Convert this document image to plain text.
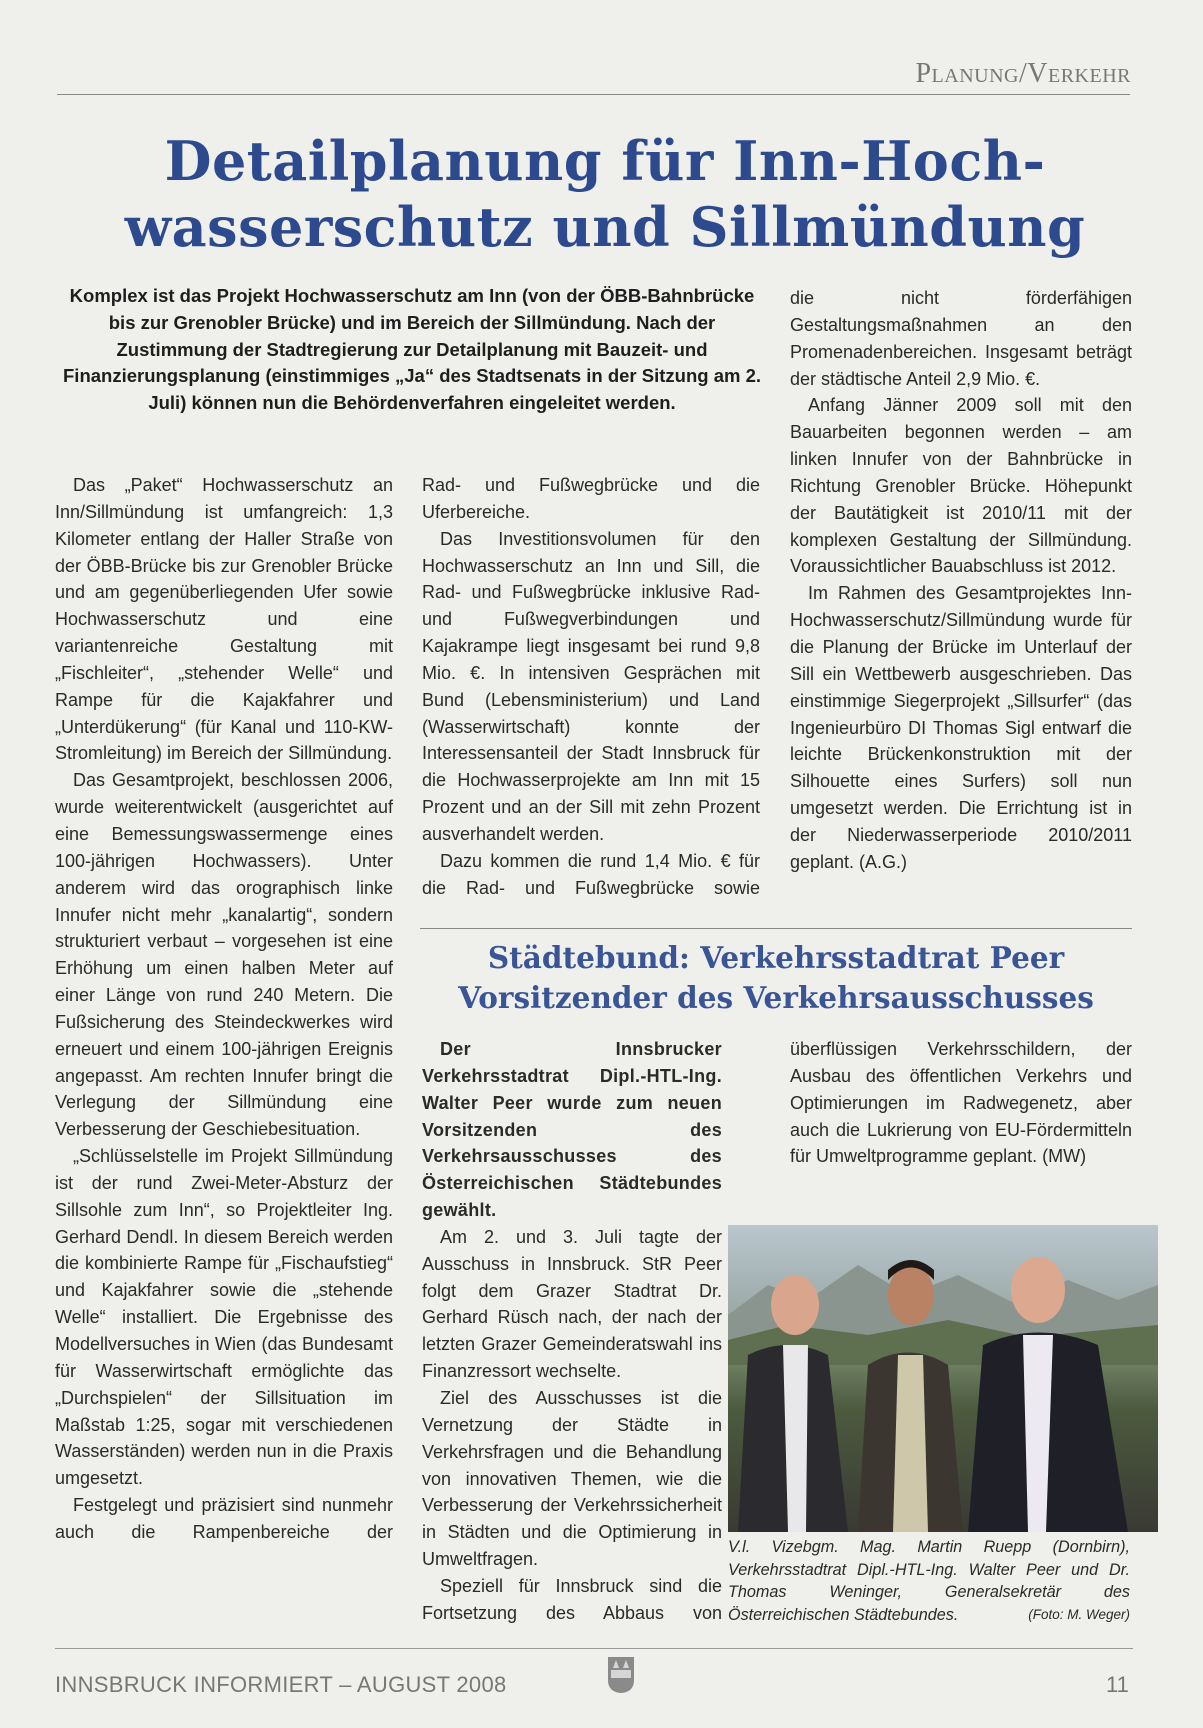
Planung/Verkehr
Detailplanung für Inn-Hoch-
wasserschutz und Sillmündung
Komplex ist das Projekt Hochwasserschutz am Inn (von der ÖBB-Bahnbrücke bis zur Grenobler Brücke) und im Bereich der Sillmündung. Nach der Zustimmung der Stadtregierung zur Detailplanung mit Bauzeit- und Finanzierungsplanung (einstimmiges „Ja“ des Stadtsenats in der Sitzung am 2. Juli) können nun die Behördenverfahren eingeleitet werden.

Das „Paket“ Hochwasserschutz an Inn/Sillmündung ist umfangreich: 1,3 Kilometer entlang der Haller Straße von der ÖBB-Brücke bis zur Grenobler Brücke und am gegenüberliegenden Ufer sowie Hochwasserschutz und eine variantenreiche Gestaltung mit „Fischleiter“, „stehender Welle“ und Rampe für die Kajakfahrer und „Unterdükerung“ (für Kanal und 110-KW-Stromleitung) im Bereich der Sillmündung.

Das Gesamtprojekt, beschlossen 2006, wurde weiterentwickelt (ausgerichtet auf eine Bemessungswassermenge eines 100-jährigen Hochwassers). Unter anderem wird das orographisch linke Innufer nicht mehr „kanalartig“, sondern strukturiert verbaut – vorgesehen ist eine Erhöhung um einen halben Meter auf einer Länge von rund 240 Metern. Die Fußsicherung des Steindeckwerkes wird erneuert und einem 100-jährigen Ereignis angepasst. Am rechten Innufer bringt die Verlegung der Sillmündung eine Verbesserung der Geschiebesituation.

„Schlüsselstelle im Projekt Sillmündung ist der rund Zwei-Meter-Absturz der Sillsohle zum Inn“, so Projektleiter Ing. Gerhard Dendl. In diesem Bereich werden die kombinierte Rampe für „Fischaufstieg“ und Kajakfahrer sowie die „stehende Welle“ installiert. Die Ergebnisse des Modellversuches in Wien (das Bundesamt für Wasserwirtschaft ermöglichte das „Durchspielen“ der Sillsituation im Maßstab 1:25, sogar mit verschiedenen Wasserständen) werden nun in die Praxis umgesetzt.

Festgelegt und präzisiert sind nunmehr auch die Rampenbereiche der

Rad- und Fußwegbrücke und die Uferbereiche.

Das Investitionsvolumen für den Hochwasserschutz an Inn und Sill, die Rad- und Fußwegbrücke inklusive Rad- und Fußwegverbindungen und Kajakrampe liegt insgesamt bei rund 9,8 Mio. €. In intensiven Gesprächen mit Bund (Lebensministerium) und Land (Wasserwirtschaft) konnte der Interessensanteil der Stadt Innsbruck für die Hochwasserprojekte am Inn mit 15 Prozent und an der Sill mit zehn Prozent ausverhandelt werden.

Dazu kommen die rund 1,4 Mio. € für die Rad- und Fußwegbrücke sowie

die nicht förderfähigen Gestaltungsmaßnahmen an den Promenadenbereichen. Insgesamt beträgt der städtische Anteil 2,9 Mio. €.

Anfang Jänner 2009 soll mit den Bauarbeiten begonnen werden – am linken Innufer von der Bahnbrücke in Richtung Grenobler Brücke. Höhepunkt der Bautätigkeit ist 2010/11 mit der komplexen Gestaltung der Sillmündung. Voraussichtlicher Bauabschluss ist 2012.

Im Rahmen des Gesamtprojektes Inn-Hochwasserschutz/Sillmündung wurde für die Planung der Brücke im Unterlauf der Sill ein Wettbewerb ausgeschrieben. Das einstimmige Siegerprojekt „Sillsurfer“ (das Ingenieurbüro DI Thomas Sigl entwarf die leichte Brückenkonstruktion mit der Silhouette eines Surfers) soll nun umgesetzt werden. Die Errichtung ist in der Niederwasserperiode 2010/2011 geplant. (A.G.)

Städtebund: Verkehrsstadtrat Peer
Vorsitzender des Verkehrsausschusses

Der Innsbrucker Verkehrsstadtrat Dipl.-HTL-Ing. Walter Peer wurde zum neuen Vorsitzenden des Verkehrsausschusses des Österreichischen Städtebundes gewählt.

Am 2. und 3. Juli tagte der Ausschuss in Innsbruck. StR Peer folgt dem Grazer Stadtrat Dr. Gerhard Rüsch nach, der nach der letzten Grazer Gemeinderatswahl ins Finanzressort wechselte.

Ziel des Ausschusses ist die Vernetzung der Städte in Verkehrsfragen und die Behandlung von innovativen Themen, wie die Verbesserung der Verkehrssicherheit in Städten und die Optimierung in Umweltfragen.

Speziell für Innsbruck sind die Fortsetzung des Abbaus von

überflüssigen Verkehrsschildern, der Ausbau des öffentlichen Verkehrs und Optimierungen im Radwegenetz, aber auch die Lukrierung von EU-Fördermitteln für Umweltprogramme geplant. (MW)

V.l. Vizebgm. Mag. Martin Ruepp (Dornbirn), Verkehrsstadtrat Dipl.-HTL-Ing. Walter Peer und Dr. Thomas Weninger, Generalsekretär des Österreichischen Städtebundes.	(Foto: M. Weger)
INNSBRUCK INFORMIERT – AUGUST 2008	11
